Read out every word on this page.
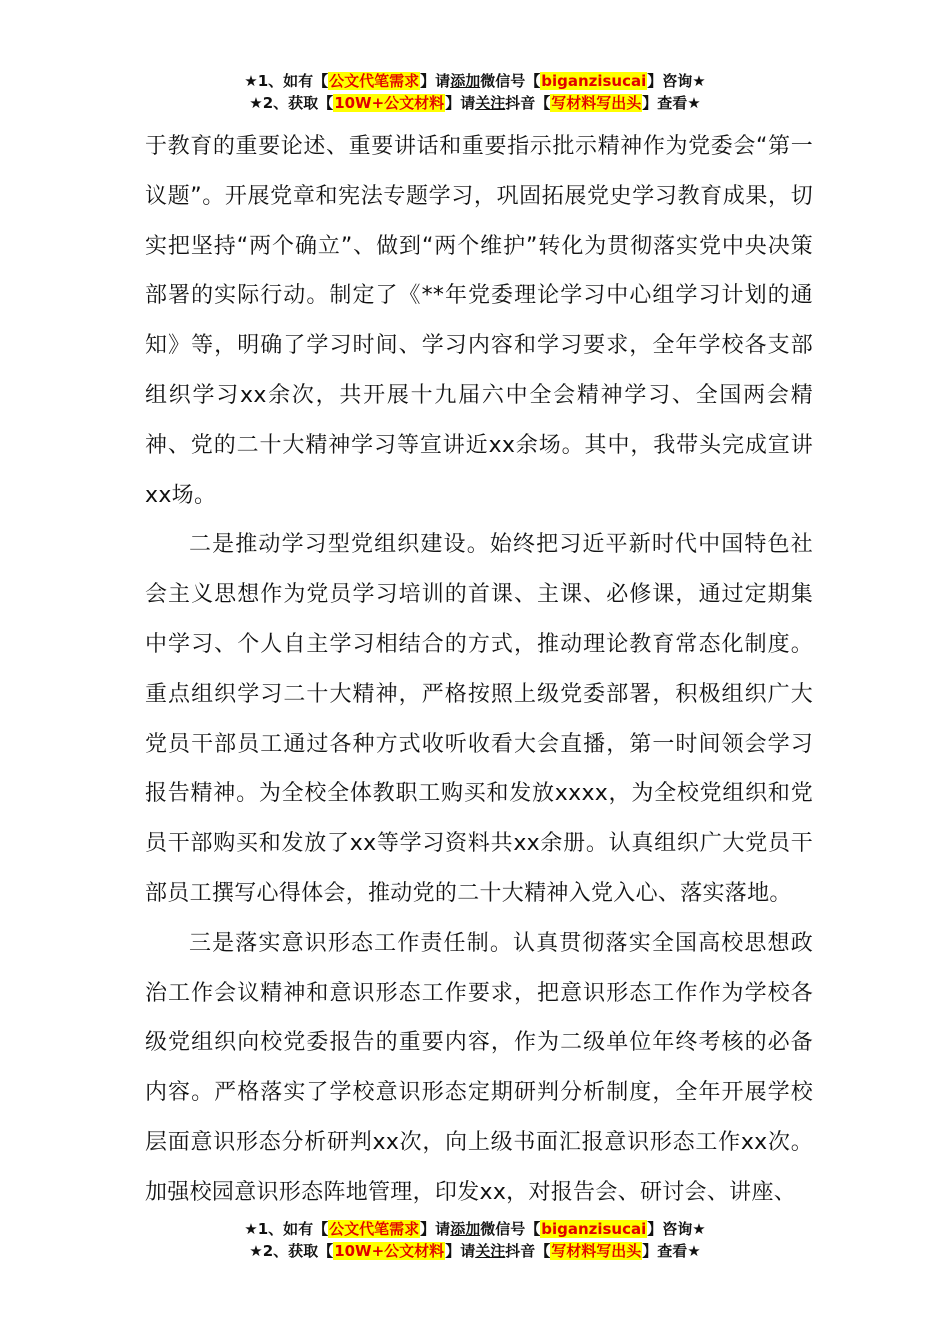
★1、如有【公文代笔需求】请添加微信号【biganzisucai】咨询★
★2、获取【10W+公文材料】请关注抖音【写材料写出头】查看★

于教育的重要论述、重要讲话和重要指示批示精神作为党委会“第一议题”。开展党章和宪法专题学习，巩固拓展党史学习教育成果，切实把坚持“两个确立”、做到“两个维护”转化为贯彻落实党中央决策部署的实际行动。制定了《**年党委理论学习中心组学习计划的通知》等，明确了学习时间、学习内容和学习要求，全年学校各支部组织学习xx余次，共开展十九届六中全会精神学习、全国两会精神、党的二十大精神学习等宣讲近xx余场。其中，我带头完成宣讲xx场。

二是推动学习型党组织建设。始终把习近平新时代中国特色社会主义思想作为党员学习培训的首课、主课、必修课，通过定期集中学习、个人自主学习相结合的方式，推动理论教育常态化制度。重点组织学习二十大精神，严格按照上级党委部署，积极组织广大党员干部员工通过各种方式收听收看大会直播，第一时间领会学习报告精神。为全校全体教职工购买和发放xxxx，为全校党组织和党员干部购买和发放了xx等学习资料共xx余册。认真组织广大党员干部员工撰写心得体会，推动党的二十大精神入党入心、落实落地。

三是落实意识形态工作责任制。认真贯彻落实全国高校思想政治工作会议精神和意识形态工作要求，把意识形态工作作为学校各级党组织向校党委报告的重要内容，作为二级单位年终考核的必备内容。严格落实了学校意识形态定期研判分析制度，全年开展学校层面意识形态分析研判xx次，向上级书面汇报意识形态工作xx次。加强校园意识形态阵地管理，印发xx，对报告会、研讨会、讲座、

★1、如有【公文代笔需求】请添加微信号【biganzisucai】咨询★
★2、获取【10W+公文材料】请关注抖音【写材料写出头】查看★
